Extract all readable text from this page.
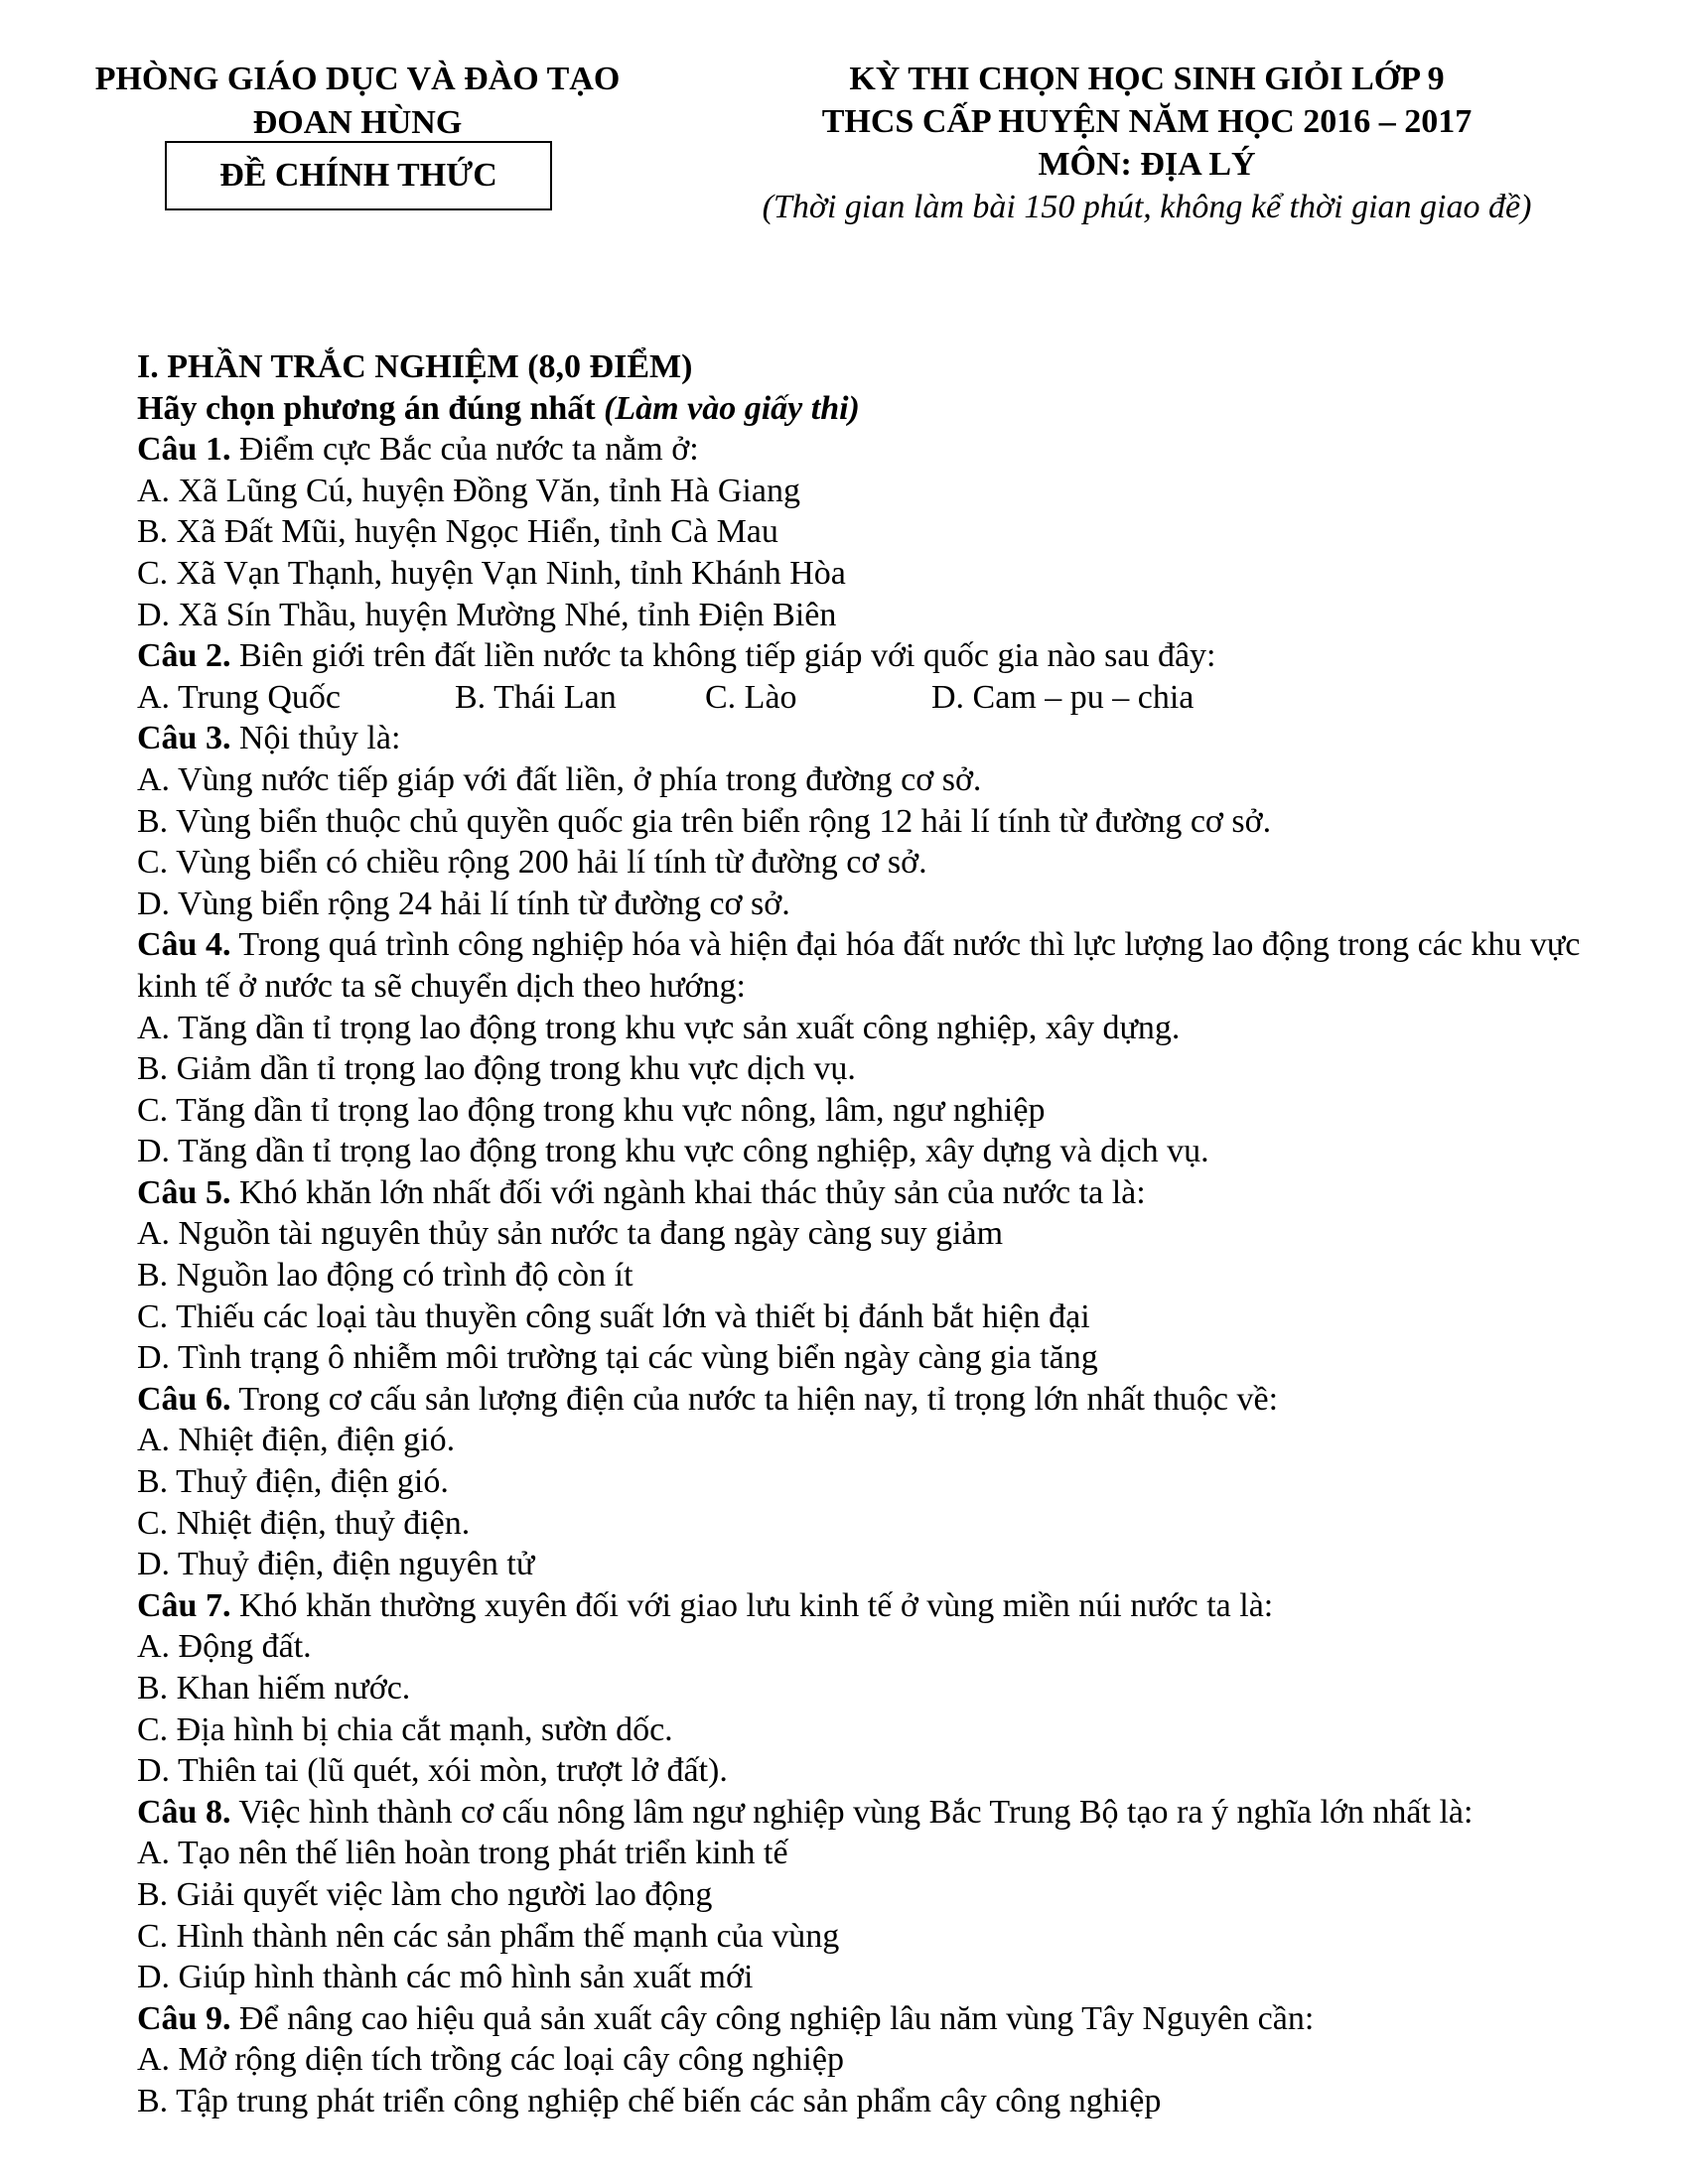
PHÒNG GIÁO DỤC VÀ ĐÀO TẠO
ĐOAN HÙNG
ĐỀ CHÍNH THỨC
KỲ THI CHỌN HỌC SINH GIỎI LỚP 9
THCS CẤP HUYỆN NĂM HỌC 2016 – 2017
MÔN: ĐỊA LÝ
(Thời gian làm bài 150 phút, không kể thời gian giao đề)
I. PHẦN TRẮC NGHIỆM (8,0 ĐIỂM)
Hãy chọn phương án đúng nhất (Làm vào giấy thi)
Câu 1. Điểm cực Bắc của nước ta nằm ở:
A. Xã Lũng Cú, huyện Đồng Văn, tỉnh Hà Giang
B. Xã Đất Mũi, huyện Ngọc Hiển, tỉnh Cà Mau
C. Xã Vạn Thạnh, huyện Vạn Ninh, tỉnh Khánh Hòa
D. Xã Sín Thầu, huyện Mường Nhé, tỉnh Điện Biên
Câu 2. Biên giới trên đất liền nước ta không tiếp giáp với quốc gia nào sau đây:
A. Trung Quốc	B. Thái Lan	C. Lào	D. Cam – pu – chia
Câu 3. Nội thủy là:
A. Vùng nước tiếp giáp với đất liền, ở phía trong đường cơ sở.
B. Vùng biển thuộc chủ quyền quốc gia trên biển rộng 12 hải lí tính từ đường cơ sở.
C. Vùng biển có chiều rộng 200 hải lí tính từ đường cơ sở.
D. Vùng biển rộng 24 hải lí tính từ đường cơ sở.
Câu 4. Trong quá trình công nghiệp hóa và hiện đại hóa đất nước thì lực lượng lao động trong các khu vực kinh tế ở nước ta sẽ chuyển dịch theo hướng:
A. Tăng dần tỉ trọng lao động trong khu vực sản xuất công nghiệp, xây dựng.
B. Giảm dần tỉ trọng lao động trong khu vực dịch vụ.
C. Tăng dần tỉ trọng lao động trong khu vực nông, lâm, ngư nghiệp
D. Tăng dần tỉ trọng lao động trong khu vực công nghiệp, xây dựng và dịch vụ.
Câu 5. Khó khăn lớn nhất đối với ngành khai thác thủy sản của nước ta là:
A. Nguồn tài nguyên thủy sản nước ta đang ngày càng suy giảm
B. Nguồn lao động có trình độ còn ít
C. Thiếu các loại tàu thuyền công suất lớn và thiết bị đánh bắt hiện đại
D. Tình trạng ô nhiễm môi trường tại các vùng biển ngày càng gia tăng
Câu 6. Trong cơ cấu sản lượng điện của nước ta hiện nay, tỉ trọng lớn nhất thuộc về:
A. Nhiệt điện, điện gió.
B. Thuỷ điện, điện gió.
C. Nhiệt điện, thuỷ điện.
D. Thuỷ điện, điện nguyên tử
Câu 7. Khó khăn thường xuyên đối với giao lưu kinh tế ở vùng miền núi nước ta là:
A. Động đất.
B. Khan hiếm nước.
C. Địa hình bị chia cắt mạnh, sườn dốc.
D. Thiên tai (lũ quét, xói mòn, trượt lở đất).
Câu 8. Việc hình thành cơ cấu nông lâm ngư nghiệp vùng Bắc Trung Bộ tạo ra ý nghĩa lớn nhất là:
A. Tạo nên thế liên hoàn trong phát triển kinh tế
B. Giải quyết việc làm cho người lao động
C. Hình thành nên các sản phẩm thế mạnh của vùng
D. Giúp hình thành các mô hình sản xuất mới
Câu 9. Để nâng cao hiệu quả sản xuất cây công nghiệp lâu năm vùng Tây Nguyên cần:
A. Mở rộng diện tích trồng các loại cây công nghiệp
B. Tập trung phát triển công nghiệp chế biến các sản phẩm cây công nghiệp
